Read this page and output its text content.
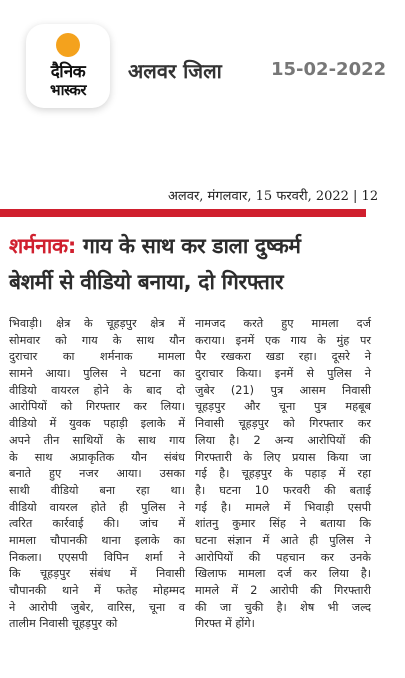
दैनिक
भास्कर
अलवर जिला	15-02-2022
अलवर, मंगलवार, 15 फरवरी, 2022 | 12
शर्मनाक: गाय के साथ कर डाला दुष्कर्म
बेशर्मी से वीडियो बनाया, दो गिरफ्तार
भिवाड़ी। क्षेत्र के चूहड़पुर क्षेत्र में
सोमवार को गाय के साथ यौन
दुराचार का शर्मनाक मामला
सामने आया। पुलिस ने घटना का
वीडियो वायरल होने के बाद दो
आरोपियों को गिरफ्तार कर लिया।
वीडियो में युवक पहाड़ी इलाके में
अपने तीन साथियों के साथ गाय
के साथ अप्राकृतिक यौन संबंध
बनाते हुए नजर आया। उसका
साथी वीडियो बना रहा था।
वीडियो वायरल होते ही पुलिस ने
त्वरित कार्रवाई की। जांच में
मामला चौपानकी थाना इलाके का
निकला। एएसपी विपिन शर्मा ने
कि चूहड़पुर संबंध में निवासी
चौपानकी थाने में फतेह मोहम्मद
ने आरोपी जुबेर, वारिस, चूना व
तालीम निवासी चूहड़पुर को
नामजद करते हुए मामला दर्ज
कराया। इनमें एक गाय के मुंह पर
पैर रखकरा खडा रहा। दूसरे ने
दुराचार किया। इनमें से पुलिस ने
जुबेर (21) पुत्र आसम निवासी
चूहड़पुर और चूना पुत्र महबूब
निवासी चूहड़पुर को गिरफ्तार कर
लिया है। 2 अन्य आरोपियों की
गिरफ्तारी के लिए प्रयास किया जा
गई है। चूहड़पुर के पहाड़ में रहा
है। घटना 10 फरवरी की बताई
गई है। मामले में भिवाड़ी एसपी
शांतनु कुमार सिंह ने बताया कि
घटना संज्ञान में आते ही पुलिस ने
आरोपियों की पहचान कर उनके
खिलाफ मामला दर्ज कर लिया है।
मामले में 2 आरोपी की गिरफ्तारी
की जा चुकी है। शेष भी जल्द
गिरफ्त में होंगे।
